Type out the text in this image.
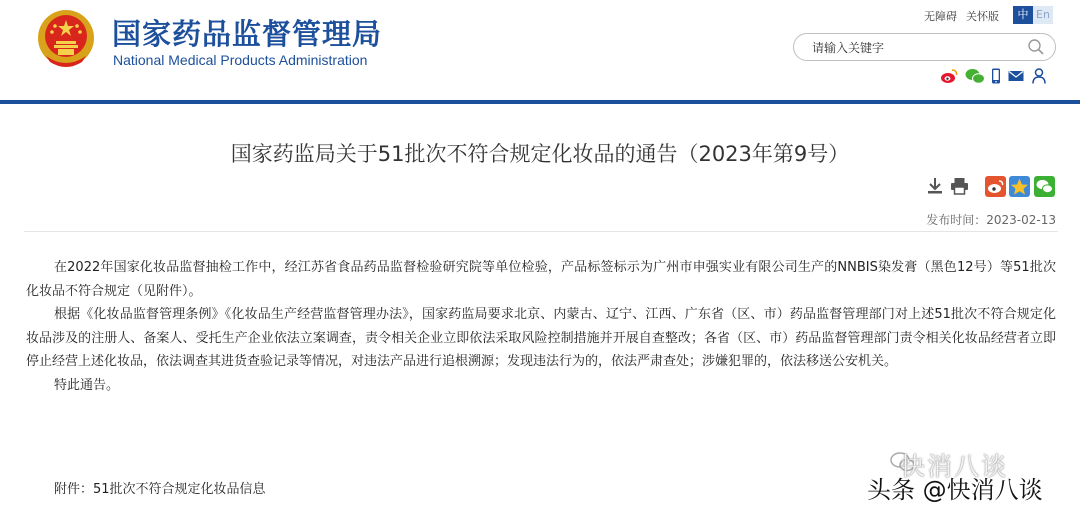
国家药品监督管理局
National Medical Products Administration
无障碍 关怀版	中 En
请输入关键字
国家药监局关于51批次不符合规定化妆品的通告（2023年第9号）
发布时间：2023-02-13

在2022年国家化妆品监督抽检工作中，经江苏省食品药品监督检验研究院等单位检验，产品标签标示为广州市申强实业有限公司生产的NNBIS染发膏（黑色12号）等51批次化妆品不符合规定（见附件）。

根据《化妆品监督管理条例》《化妆品生产经营监督管理办法》，国家药监局要求北京、内蒙古、辽宁、江西、广东省（区、市）药品监督管理部门对上述51批次不符合规定化妆品涉及的注册人、备案人、受托生产企业依法立案调查，责令相关企业立即依法采取风险控制措施并开展自查整改；各省（区、市）药品监督管理部门责令相关化妆品经营者立即停止经营上述化妆品，依法调查其进货查验记录等情况，对违法产品进行追根溯源；发现违法行为的，依法严肃查处；涉嫌犯罪的，依法移送公安机关。

特此通告。

附件：51批次不符合规定化妆品信息
快消八谈
头条 @快消八谈
